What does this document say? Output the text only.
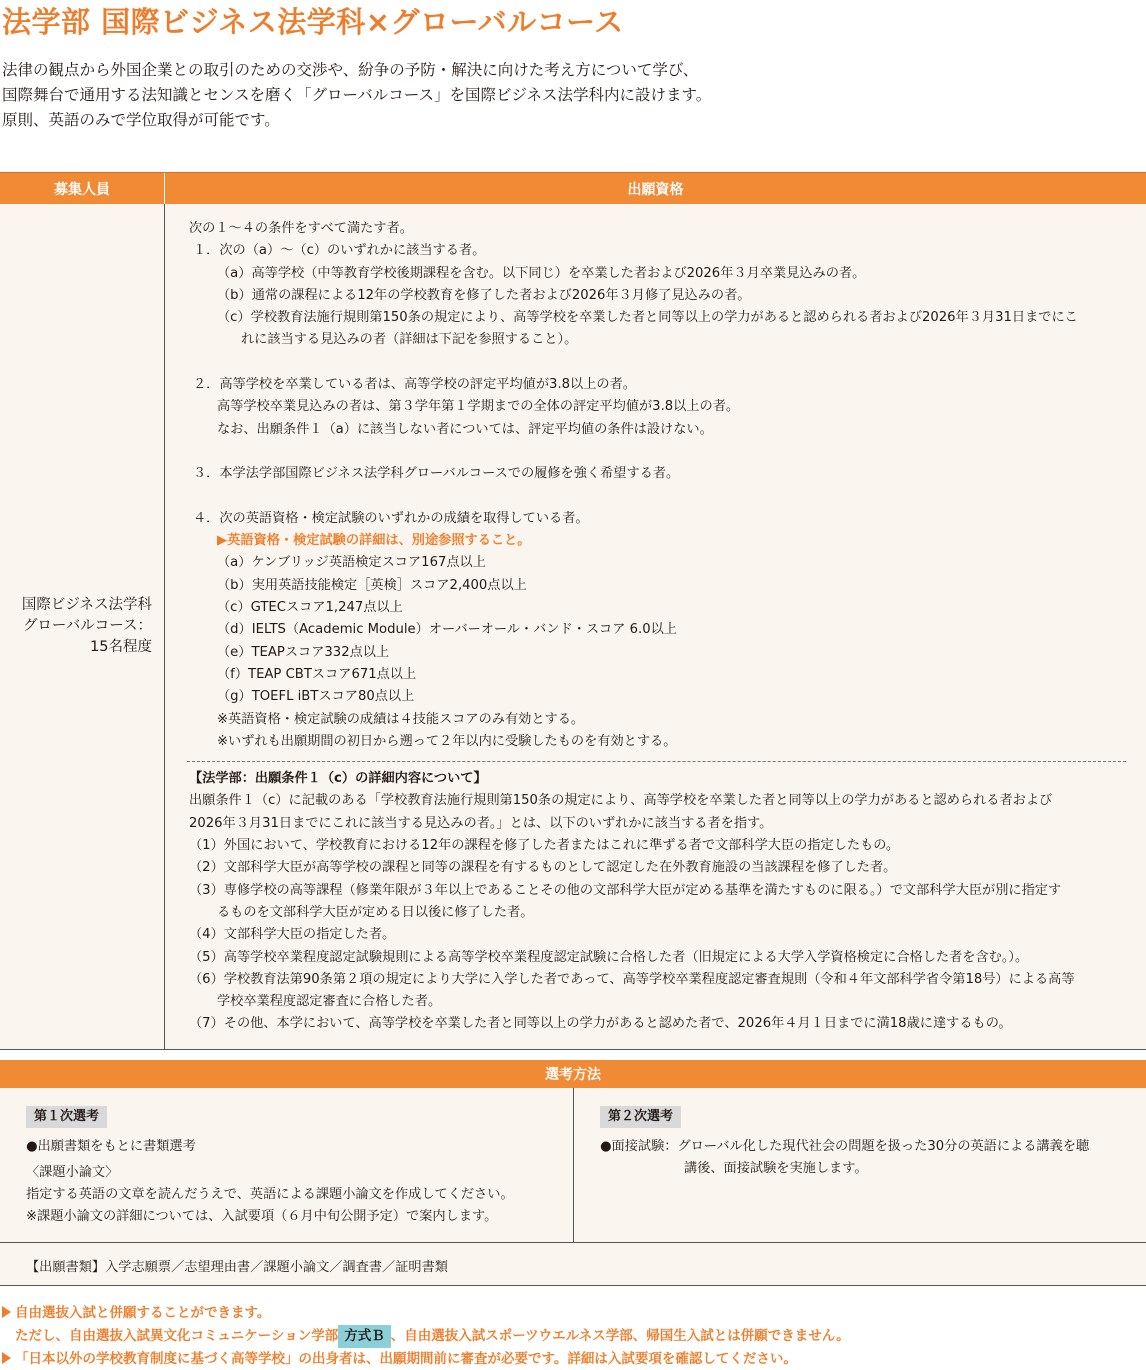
法学部 国際ビジネス法学科×グローバルコース
法律の観点から外国企業との取引のための交渉や、紛争の予防・解決に向けた考え方について学び、
国際舞台で通用する法知識とセンスを磨く「グローバルコース」を国際ビジネス法学科内に設けます。
原則、英語のみで学位取得が可能です。
募集人員	出願資格
国際ビジネス法学科
グローバルコース：
15名程度
次の１～４の条件をすべて満たす者。
１．次の（a）～（c）のいずれかに該当する者。
（a）高等学校（中等教育学校後期課程を含む。以下同じ）を卒業した者および2026年３月卒業見込みの者。
（b）通常の課程による12年の学校教育を修了した者および2026年３月修了見込みの者。
（c）学校教育法施行規則第150条の規定により、高等学校を卒業した者と同等以上の学力があると認められる者および2026年３月31日までにこ
れに該当する見込みの者（詳細は下記を参照すること）。
２．高等学校を卒業している者は、高等学校の評定平均値が3.8以上の者。
高等学校卒業見込みの者は、第３学年第１学期までの全体の評定平均値が3.8以上の者。
なお、出願条件１（a）に該当しない者については、評定平均値の条件は設けない。
３．本学法学部国際ビジネス法学科グローバルコースでの履修を強く希望する者。
４．次の英語資格・検定試験のいずれかの成績を取得している者。
▶英語資格・検定試験の詳細は、別途参照すること。
（a）ケンブリッジ英語検定スコア167点以上
（b）実用英語技能検定［英検］スコア2,400点以上
（c）GTECスコア1,247点以上
（d）IELTS（Academic Module）オーバーオール・バンド・スコア 6.0以上
（e）TEAPスコア332点以上
（f）TEAP CBTスコア671点以上
（g）TOEFL iBTスコア80点以上
※英語資格・検定試験の成績は４技能スコアのみ有効とする。
※いずれも出願期間の初日から遡って２年以内に受験したものを有効とする。
【法学部：出願条件１（c）の詳細内容について】
出願条件１（c）に記載のある「学校教育法施行規則第150条の規定により、高等学校を卒業した者と同等以上の学力があると認められる者および
2026年３月31日までにこれに該当する見込みの者。」とは、以下のいずれかに該当する者を指す。
（1）外国において、学校教育における12年の課程を修了した者またはこれに準ずる者で文部科学大臣の指定したもの。
（2）文部科学大臣が高等学校の課程と同等の課程を有するものとして認定した在外教育施設の当該課程を修了した者。
（3）専修学校の高等課程（修業年限が３年以上であることその他の文部科学大臣が定める基準を満たすものに限る。）で文部科学大臣が別に指定す
るものを文部科学大臣が定める日以後に修了した者。
（4）文部科学大臣の指定した者。
（5）高等学校卒業程度認定試験規則による高等学校卒業程度認定試験に合格した者（旧規定による大学入学資格検定に合格した者を含む。）。
（6）学校教育法第90条第２項の規定により大学に入学した者であって、高等学校卒業程度認定審査規則（令和４年文部科学省令第18号）による高等
学校卒業程度認定審査に合格した者。
（7）その他、本学において、高等学校を卒業した者と同等以上の学力があると認めた者で、2026年４月１日までに満18歳に達するもの。
選考方法
第１次選考
●出願書類をもとに書類選考
〈課題小論文〉
指定する英語の文章を読んだうえで、英語による課題小論文を作成してください。
※課題小論文の詳細については、入試要項（６月中旬公開予定）で案内します。
第２次選考
●面接試験：グローバル化した現代社会の問題を扱った30分の英語による講義を聴
講後、面接試験を実施します。
【出願書類】入学志願票／志望理由書／課題小論文／調査書／証明書類
自由選抜入試と併願することができます。
ただし、自由選抜入試異文化コミュニケーション学部 方式Ｂ 、自由選抜入試スポーツウエルネス学部、帰国生入試とは併願できません。
「日本以外の学校教育制度に基づく高等学校」の出身者は、出願期間前に審査が必要です。詳細は入試要項を確認してください。
